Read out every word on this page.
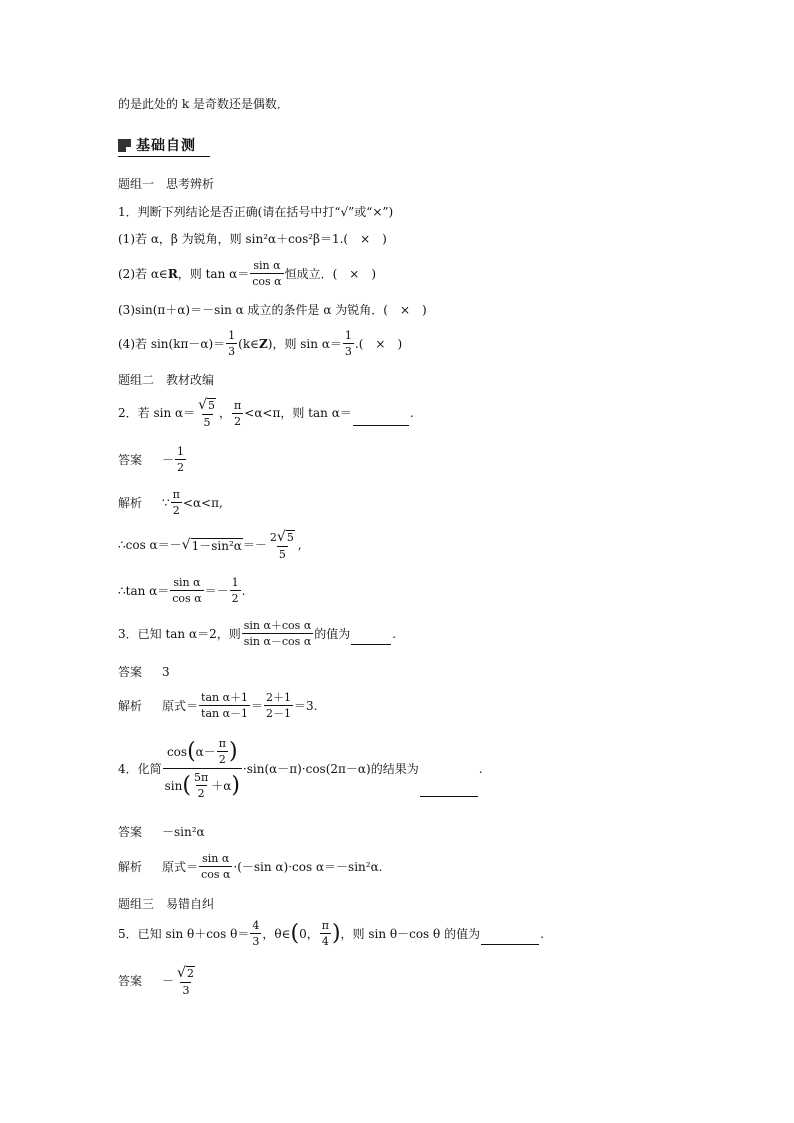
的是此处的 k 是奇数还是偶数．
基础自测
题组一　思考辨析
1．判断下列结论是否正确(请在括号中打“√”或“×”)
(1)若 α，β 为锐角，则 sin²α＋cos²β＝1.(　×　)
(2)若 α∈ R ，则 $\tan \alpha= \frac{\text{sin α}}{\text{cos α}}$ 恒成立．(　×　)
(3)sin(π＋α)＝－sin α 成立的条件是 α 为锐角．(　×　)
(4)若 $\sin(k\pi-\alpha)= \frac{1}{3}$ (k∈ Z )，则 $\sin \alpha= \frac{1}{3}$ .(　×　)
题组二　教材改编
2．若 $\sin \alpha= \frac{√ 5}{5}$ ， $\frac{\pi}{2} <\alpha<\pi$，则 tan α＝	.
答案 － $\frac{1}{2}$
解析 ∵ $\frac{\pi}{2} <\alpha<\pi$,
∴cos α＝－ √ $1-\sin^2\alpha =- \frac{2 √ 5}{5}$ ,
∴tan $\alpha= \frac{\text{sin α}}{\text{cos α}} =- \frac{1}{2}$ .
3．已知 tan α＝2，则 $\frac{\text{sin α＋cos α}}{\text{sin α－cos α}}$ 的值为	.
答案 3
解析 原式＝ $\frac{\text{tan α＋1}}{\text{tan α－1}} = \frac{2+1}{2-1} =3$.
4．化简 $\frac{\cos ( \alpha- \frac{\pi}{2} )}{\sin ( \frac{5\pi}{2} +\alpha )} \cdot\sin(\alpha-\pi)\cdot\cos(2\pi-\alpha)$的结果为	.
答案 －sin²α
解析 原式＝ $\frac{\text{sin α}}{\text{cos α}} \cdot(-\sin$ α)·cos α＝－sin²α.
题组三　易错自纠
5．已知 sin θ＋cos $\theta= \frac{4}{3}$ ，θ∈ ( 0， $\frac{\pi}{4}$ ) ，则 sin θ－cos θ 的值为	.
答案 － $\frac{√ 2}{3}$
